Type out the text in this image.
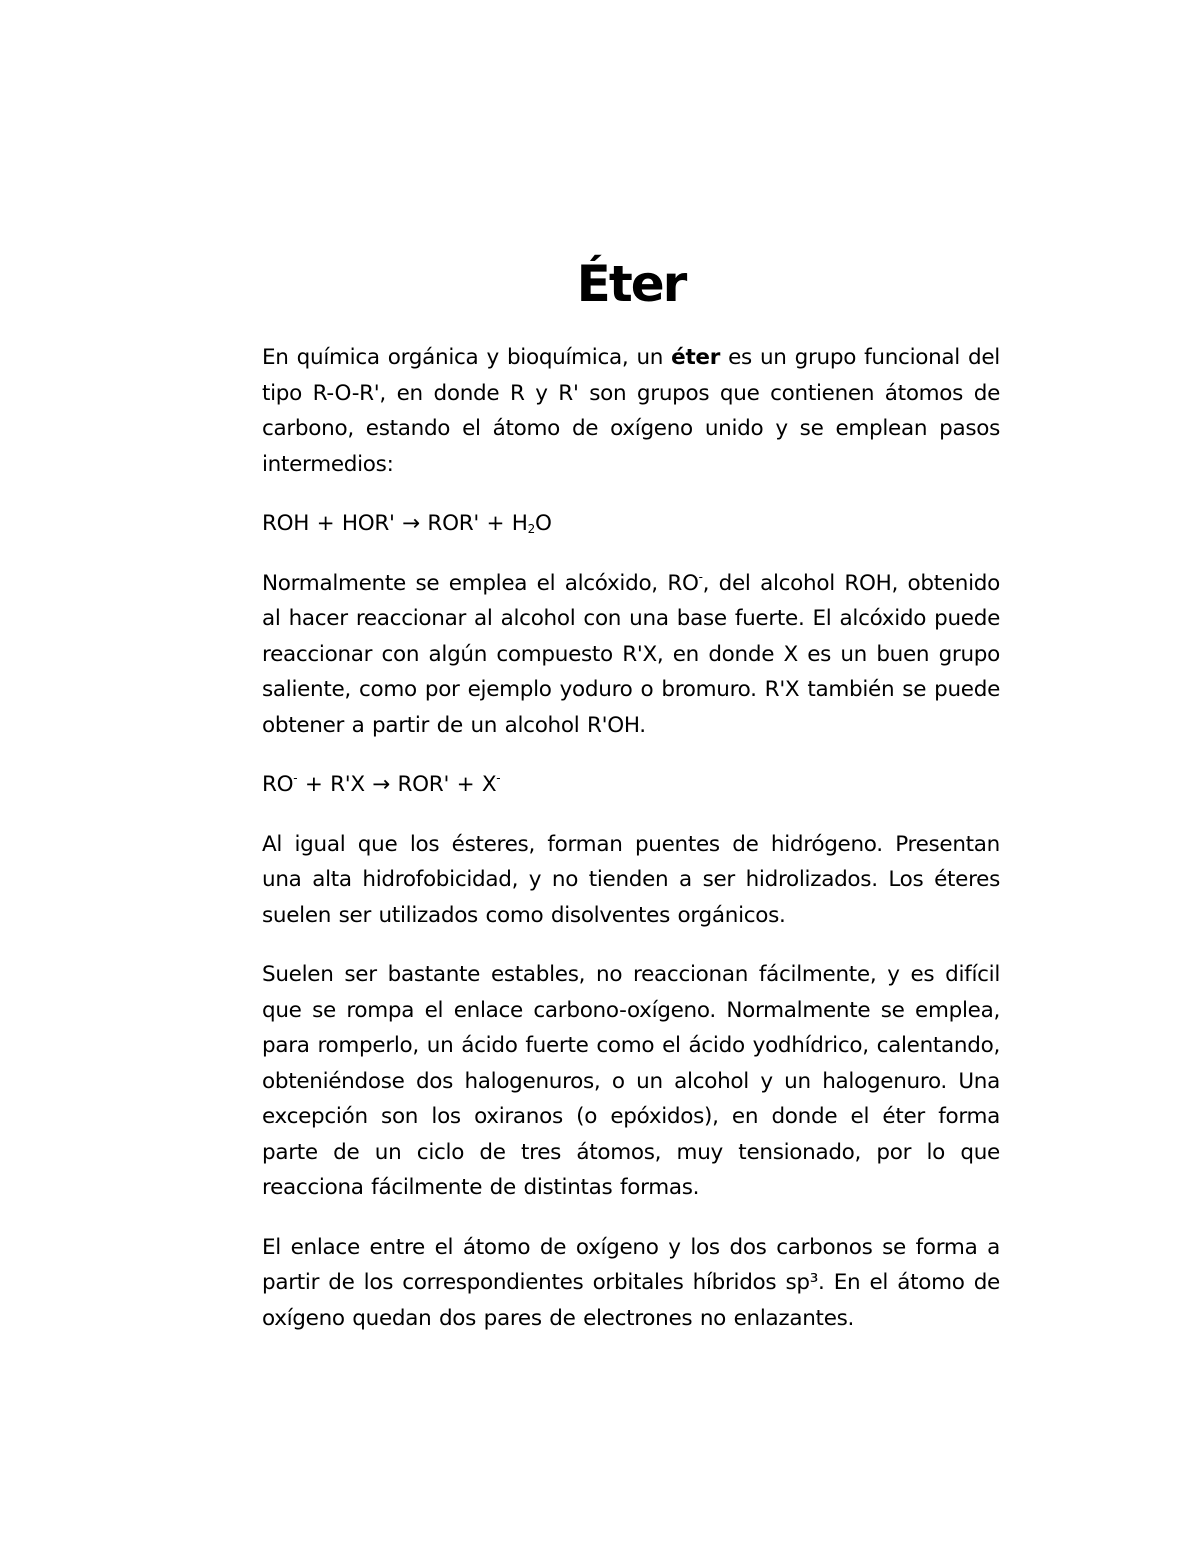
Éter

En química orgánica y bioquímica, un éter es un grupo funcional del tipo R-O-R', en donde R y R' son grupos que contienen átomos de carbono, estando el átomo de oxígeno unido y se emplean pasos intermedios:

ROH + $HOR' \to ROR' + H_2O$

Normalmente se emplea el alcóxido, RO-, del alcohol ROH, obtenido al hacer reaccionar al alcohol con una base fuerte. El alcóxido puede reaccionar con algún compuesto R'X, en donde X es un buen grupo saliente, como por ejemplo yoduro o bromuro. R'X también se puede obtener a partir de un alcohol R'OH.

RO- + R'X → ROR' + X-

Al igual que los ésteres, forman puentes de hidrógeno. Presentan una alta hidrofobicidad, y no tienden a ser hidrolizados. Los éteres suelen ser utilizados como disolventes orgánicos.

Suelen ser bastante estables, no reaccionan fácilmente, y es difícil que se rompa el enlace carbono-oxígeno. Normalmente se emplea, para romperlo, un ácido fuerte como el ácido yodhídrico, calentando, obteniéndose dos halogenuros, o un alcohol y un halogenuro. Una excepción son los oxiranos (o epóxidos), en donde el éter forma parte de un ciclo de tres átomos, muy tensionado, por lo que reacciona fácilmente de distintas formas.

El enlace entre el átomo de oxígeno y los dos carbonos se forma a partir de los correspondientes orbitales híbridos sp³. En el átomo de oxígeno quedan dos pares de electrones no enlazantes.
